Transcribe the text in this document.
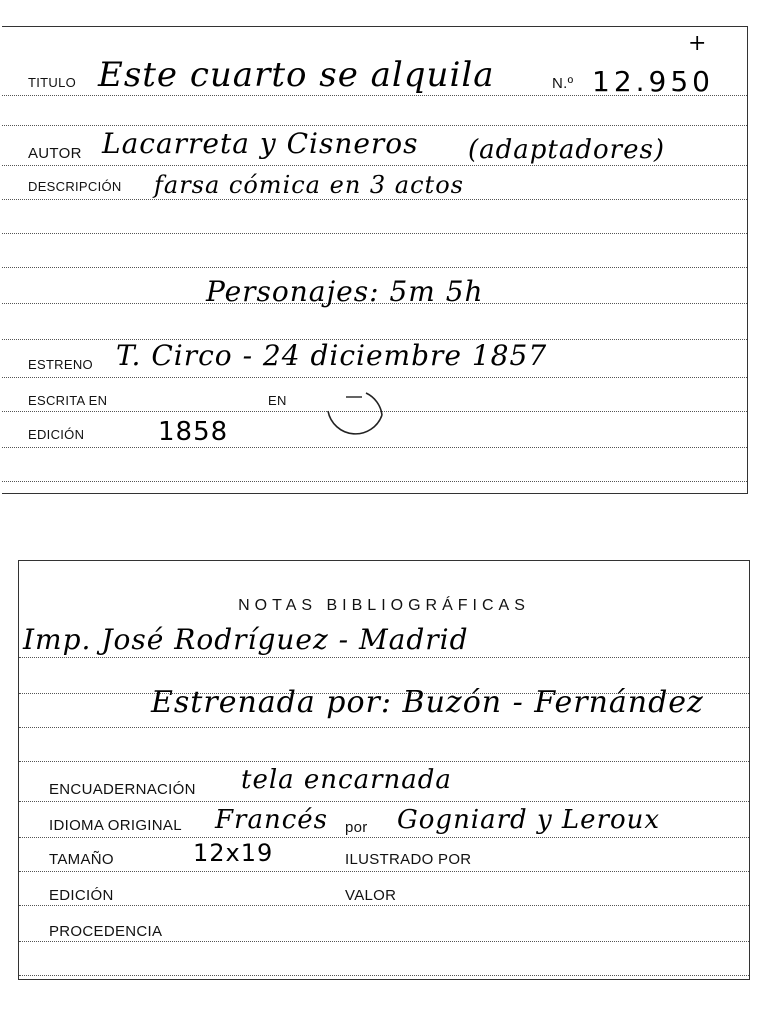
TITULO Este cuarto se alquila	N.º 12.950
+
AUTOR Lacarreta y Cisneros (adaptadores)
DESCRIPCIÓN farsa cómica en 3 actos
Personajes: 5m 5h
ESTRENO T. Circo - 24 diciembre 1857
ESCRITA EN	EN
EDICIÓN	1858
NOTAS BIBLIOGRÁFICAS
Imp. José Rodríguez - Madrid
Estrenada por: Buzón - Fernández
ENCUADERNACIÓN tela encarnada
IDIOMA ORIGINAL Francés por Gogniard y Leroux
TAMAÑO	12x19	ILUSTRADO POR
EDICIÓN	VALOR
PROCEDENCIA
